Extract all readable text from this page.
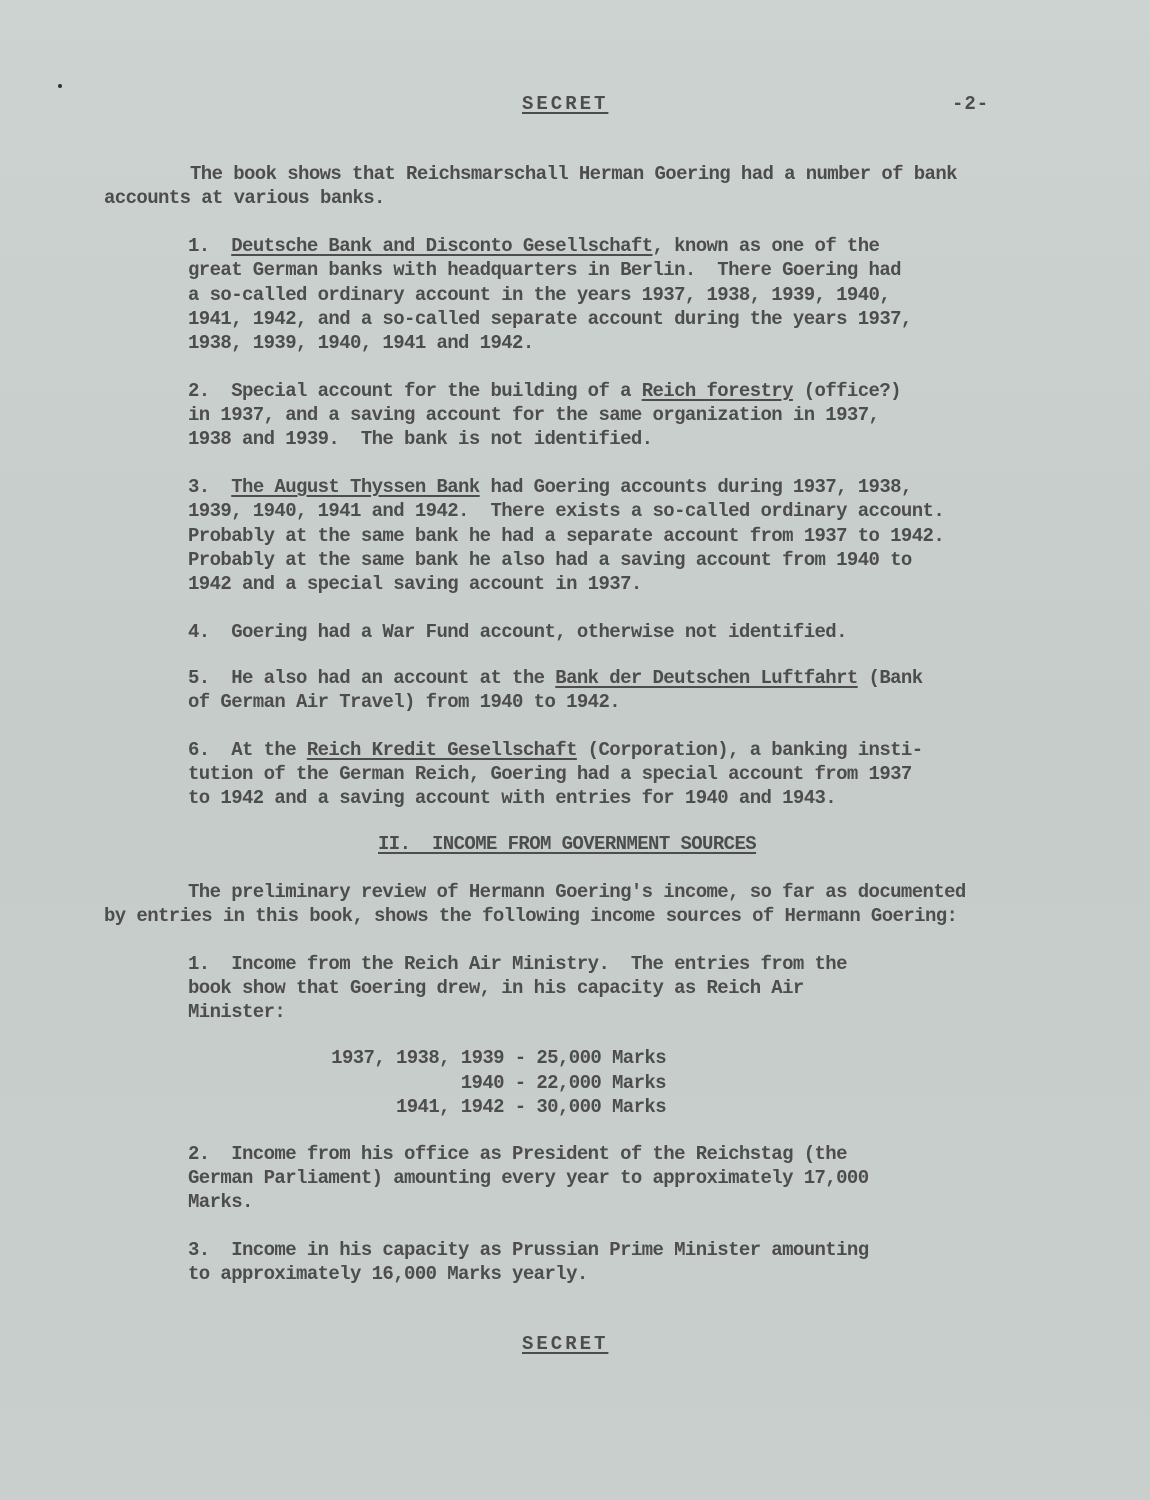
SECRET	-2-

The book shows that Reichsmarschall Herman Goering had a number of bank

accounts at various banks.

1. Deutsche Bank and Disconto Gesellschaft, known as one of the

great German banks with headquarters in Berlin.  There Goering had

a so-called ordinary account in the years 1937, 1938, 1939, 1940,

1941, 1942, and a so-called separate account during the years 1937,

1938, 1939, 1940, 1941 and 1942.

2.  Special account for the building of a Reich forestry (office?)

in 1937, and a saving account for the same organization in 1937,

1938 and 1939.  The bank is not identified.

3. The August Thyssen Bank had Goering accounts during 1937, 1938,

1939, 1940, 1941 and 1942.  There exists a so-called ordinary account.

Probably at the same bank he had a separate account from 1937 to 1942.

Probably at the same bank he also had a saving account from 1940 to

1942 and a special saving account in 1937.

4.  Goering had a War Fund account, otherwise not identified.

5.  He also had an account at the Bank der Deutschen Luftfahrt (Bank

of German Air Travel) from 1940 to 1942.

6.  At the Reich Kredit Gesellschaft (Corporation), a banking insti-

tution of the German Reich, Goering had a special account from 1937

to 1942 and a saving account with entries for 1940 and 1943.

II.  INCOME FROM GOVERNMENT SOURCES

The preliminary review of Hermann Goering's income, so far as documented

by entries in this book, shows the following income sources of Hermann Goering:

1.  Income from the Reich Air Ministry.  The entries from the

book show that Goering drew, in his capacity as Reich Air

Minister:

1937, 1938, 1939 - 25,000 Marks

1940 - 22,000 Marks

1941, 1942 - 30,000 Marks

2.  Income from his office as President of the Reichstag (the

German Parliament) amounting every year to approximately 17,000

Marks.

3.  Income in his capacity as Prussian Prime Minister amounting

to approximately 16,000 Marks yearly.

SECRET
